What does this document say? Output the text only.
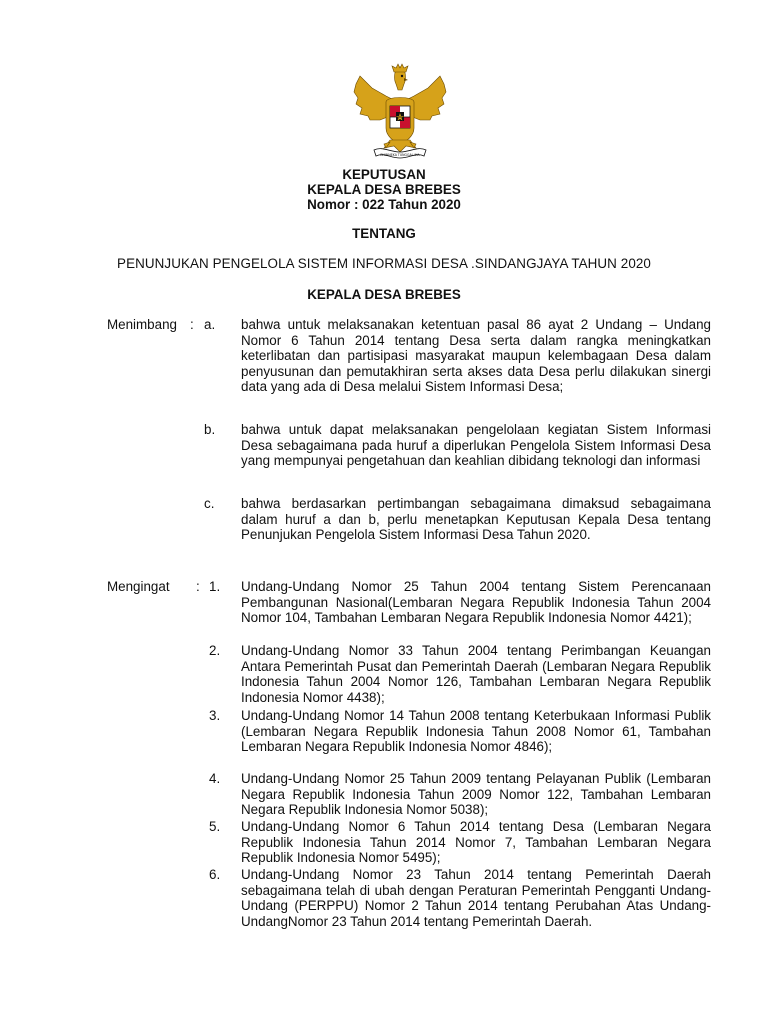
BHINNEKA TUNGGAL IKA
KEPUTUSAN
KEPALA DESA BREBES
Nomor : 022 Tahun 2020
TENTANG
PENUNJUKAN PENGELOLA SISTEM INFORMASI DESA .SINDANGJAYA TAHUN 2020
KEPALA DESA BREBES
Menimbang : a.	bahwa untuk melaksanakan ketentuan pasal 86 ayat 2 Undang – Undang Nomor 6 Tahun 2014 tentang Desa serta dalam rangka meningkatkan keterlibatan dan partisipasi masyarakat maupun kelembagaan Desa dalam penyusunan dan pemutakhiran serta akses data Desa perlu dilakukan sinergi data yang ada di Desa melalui Sistem Informasi Desa;
b.	bahwa untuk dapat melaksanakan pengelolaan kegiatan Sistem Informasi Desa sebagaimana pada huruf a diperlukan Pengelola Sistem Informasi Desa yang mempunyai pengetahuan dan keahlian dibidang teknologi dan informasi
c.	bahwa berdasarkan pertimbangan sebagaimana dimaksud sebagaimana dalam huruf a dan b, perlu menetapkan Keputusan Kepala Desa tentang Penunjukan Pengelola Sistem Informasi Desa Tahun 2020.
Mengingat : 1.	Undang-Undang Nomor 25 Tahun 2004 tentang Sistem Perencanaan Pembangunan Nasional(Lembaran Negara Republik Indonesia Tahun 2004 Nomor 104, Tambahan Lembaran Negara Republik Indonesia Nomor 4421);
2.	Undang-Undang Nomor 33 Tahun 2004 tentang Perimbangan Keuangan Antara Pemerintah Pusat dan Pemerintah Daerah (Lembaran Negara Republik Indonesia Tahun 2004 Nomor 126, Tambahan Lembaran Negara Republik Indonesia Nomor 4438);
3.	Undang-Undang Nomor 14 Tahun 2008 tentang Keterbukaan Informasi Publik (Lembaran Negara Republik Indonesia Tahun 2008 Nomor 61, Tambahan Lembaran Negara Republik Indonesia Nomor 4846);
4.	Undang-Undang Nomor 25 Tahun 2009 tentang Pelayanan Publik (Lembaran Negara Republik Indonesia Tahun 2009 Nomor 122, Tambahan Lembaran Negara Republik Indonesia Nomor 5038);
5.	Undang-Undang Nomor 6 Tahun 2014 tentang Desa (Lembaran Negara Republik Indonesia Tahun 2014 Nomor 7, Tambahan Lembaran Negara Republik Indonesia Nomor 5495);
6.	Undang-Undang Nomor 23 Tahun 2014 tentang Pemerintah Daerah sebagaimana telah di ubah dengan Peraturan Pemerintah Pengganti Undang-Undang (PERPPU) Nomor 2 Tahun 2014 tentang Perubahan Atas Undang-UndangNomor 23 Tahun 2014 tentang Pemerintah Daerah.
